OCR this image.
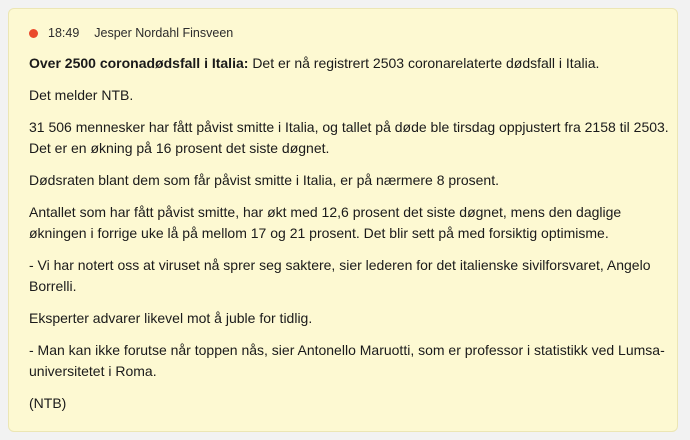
18:49 Jesper Nordahl Finsveen

Over 2500 coronadødsfall i Italia: Det er nå registrert 2503 coronarelaterte dødsfall i Italia.

Det melder NTB.

31 506 mennesker har fått påvist smitte i Italia, og tallet på døde ble tirsdag oppjustert fra 2158 til 2503. Det er en økning på 16 prosent det siste døgnet.

Dødsraten blant dem som får påvist smitte i Italia, er på nærmere 8 prosent.

Antallet som har fått påvist smitte, har økt med 12,6 prosent det siste døgnet, mens den daglige økningen i forrige uke lå på mellom 17 og 21 prosent. Det blir sett på med forsiktig optimisme.

- Vi har notert oss at viruset nå sprer seg saktere, sier lederen for det italienske sivilforsvaret, Angelo Borrelli.

Eksperter advarer likevel mot å juble for tidlig.

- Man kan ikke forutse når toppen nås, sier Antonello Maruotti, som er professor i statistikk ved Lumsa-universitetet i Roma.

(NTB)
